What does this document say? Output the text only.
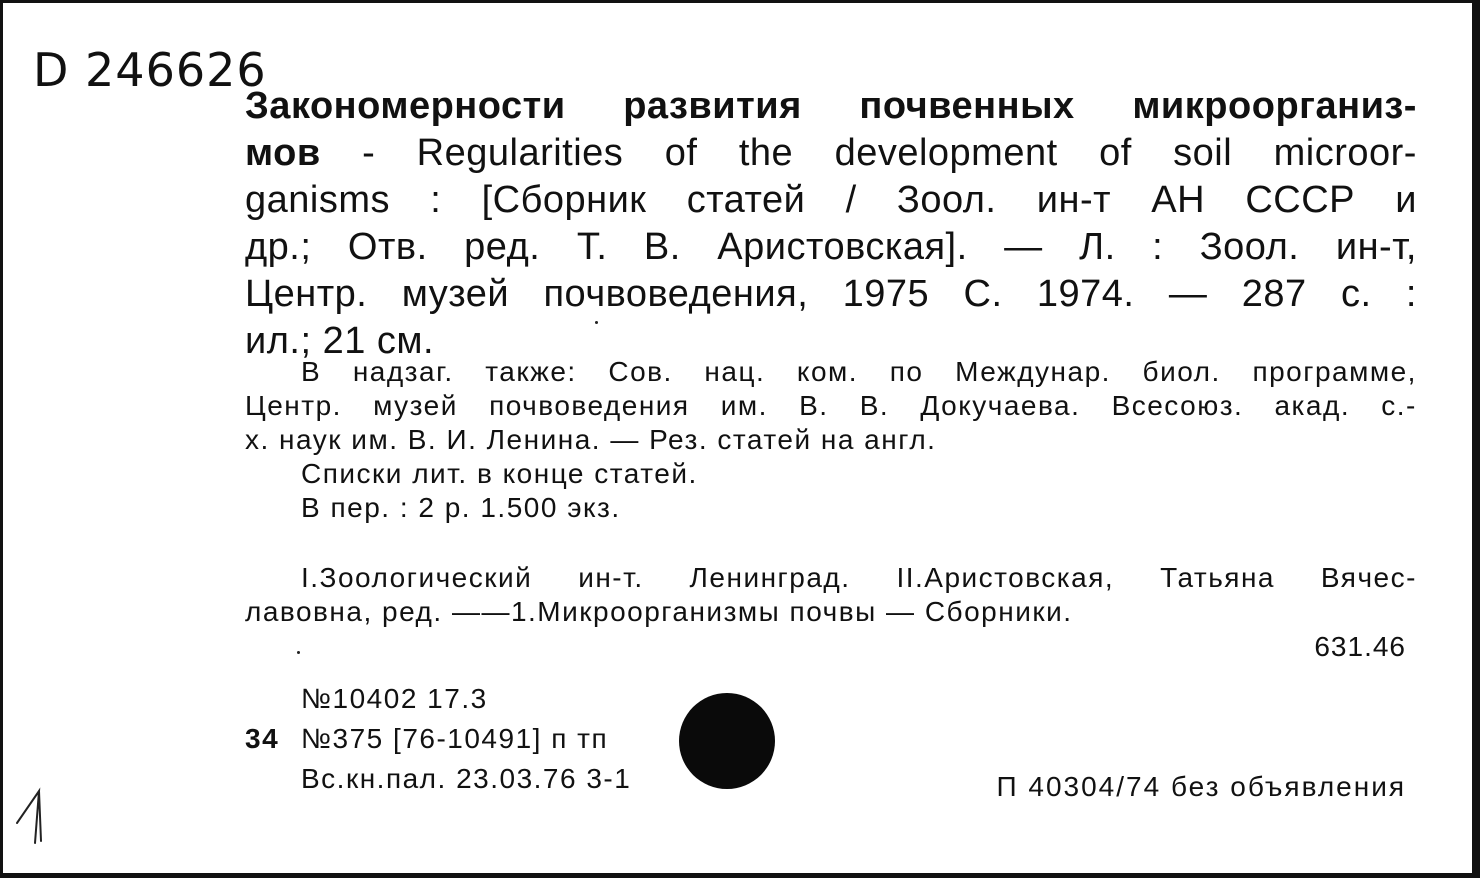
D 246626
Закономерности развития почвенных микроорганиз-
мов - Regularities of the development of soil microor-
ganisms : [Сборник статей / Зоол. ин-т АН СССР и
др.; Отв. ред. Т. В. Аристовская]. — Л. : Зоол. ин-т,
Центр. музей почвоведения, 1975 С. 1974. — 287 с. :
ил.;
21
см.
В надзаг. также: Сов. нац. ком. по Междунар. биол. программе,
Центр. музей почвоведения им. В. В. Докучаева. Всесоюз. акад. с.-
х. наук им. В. И. Ленина. — Рез. статей на англ.
Списки лит. в конце статей.
В пер. : 2 р. 1.500 экз.
I.Зоологический ин-т. Ленинград. II.Аристовская, Татьяна Вячес-
лавовна, ред. ——1.Микроорганизмы почвы — Сборники.
631.46
№10402 17.3
34 №375 [76-10491] п тп
Вс.кн.пал. 23.03.76 3-1	П 40304/74 без объявления
